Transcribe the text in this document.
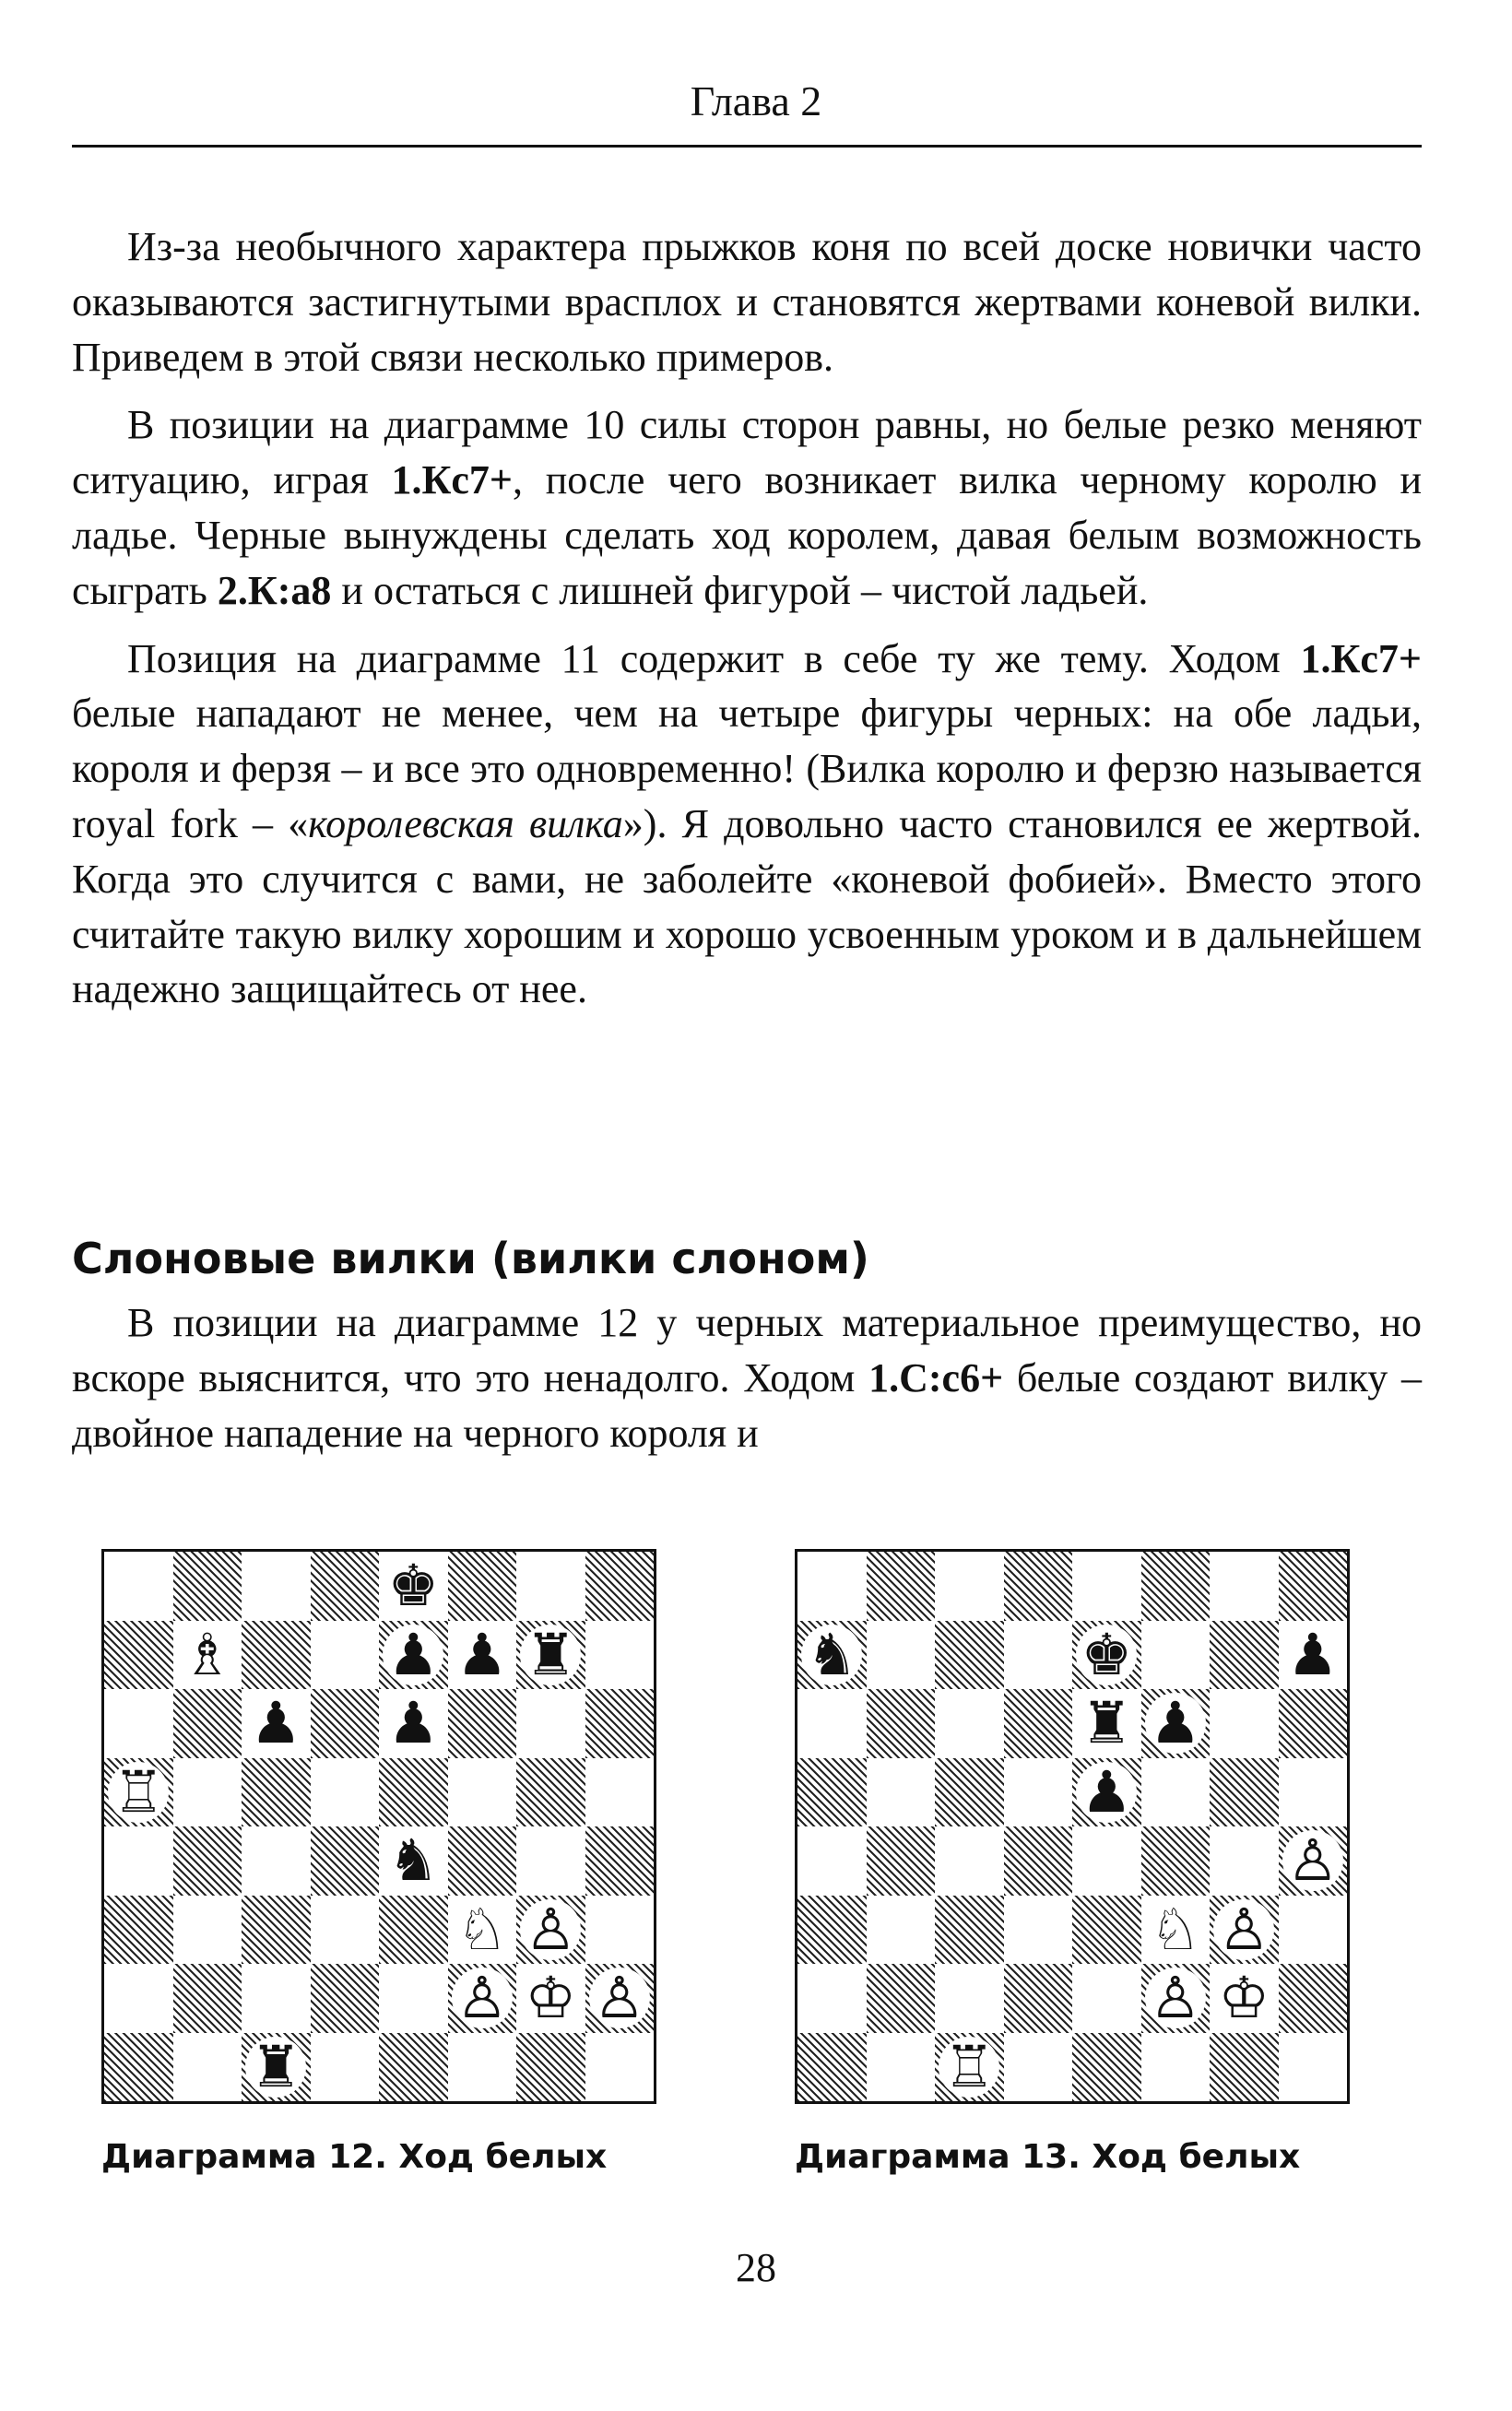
Глава 2

Из-за необычного характера прыжков коня по всей доске новички часто оказываются застигнутыми врасплох и становятся жертвами коневой вилки. Приведем в этой связи несколько примеров.

В позиции на диаграмме 10 силы сторон равны, но белые резко меняют ситуацию, играя 1.Кc7+, после чего возникает вилка черному королю и ладье. Черные вынуждены сделать ход королем, давая белым возможность сыграть 2.К:а8 и остаться с лишней фигурой – чистой ладьей.

Позиция на диаграмме 11 содержит в себе ту же тему. Ходом 1.Кc7+ белые нападают не менее, чем на четыре фигуры черных: на обе ладьи, короля и ферзя – и все это одновременно! (Вилка королю и ферзю называется royal fork – «королевская вилка»). Я довольно часто становился ее жертвой. Когда это случится с вами, не заболейте «коневой фобией». Вместо этого считайте такую вилку хорошим и хорошо усвоенным уроком и в дальнейшем надежно защищайтесь от нее.

Слоновые вилки (вилки слоном)

В позиции на диаграмме 12 у черных материальное преимущество, но вскоре выяснится, что это ненадолго. Ходом 1.С:c6+ белые создают вилку – двойное нападение на черного короля и

♚
♗	♟ ♟ ♜
♟ ♟
♖
♞
♘ ♙
♙ ♔ ♙
♜
Диаграмма 12. Ход белых
♞	♚	♟
♜ ♟
♟
♙
♘ ♙
♙ ♔
♖
Диаграмма 13. Ход белых
28
